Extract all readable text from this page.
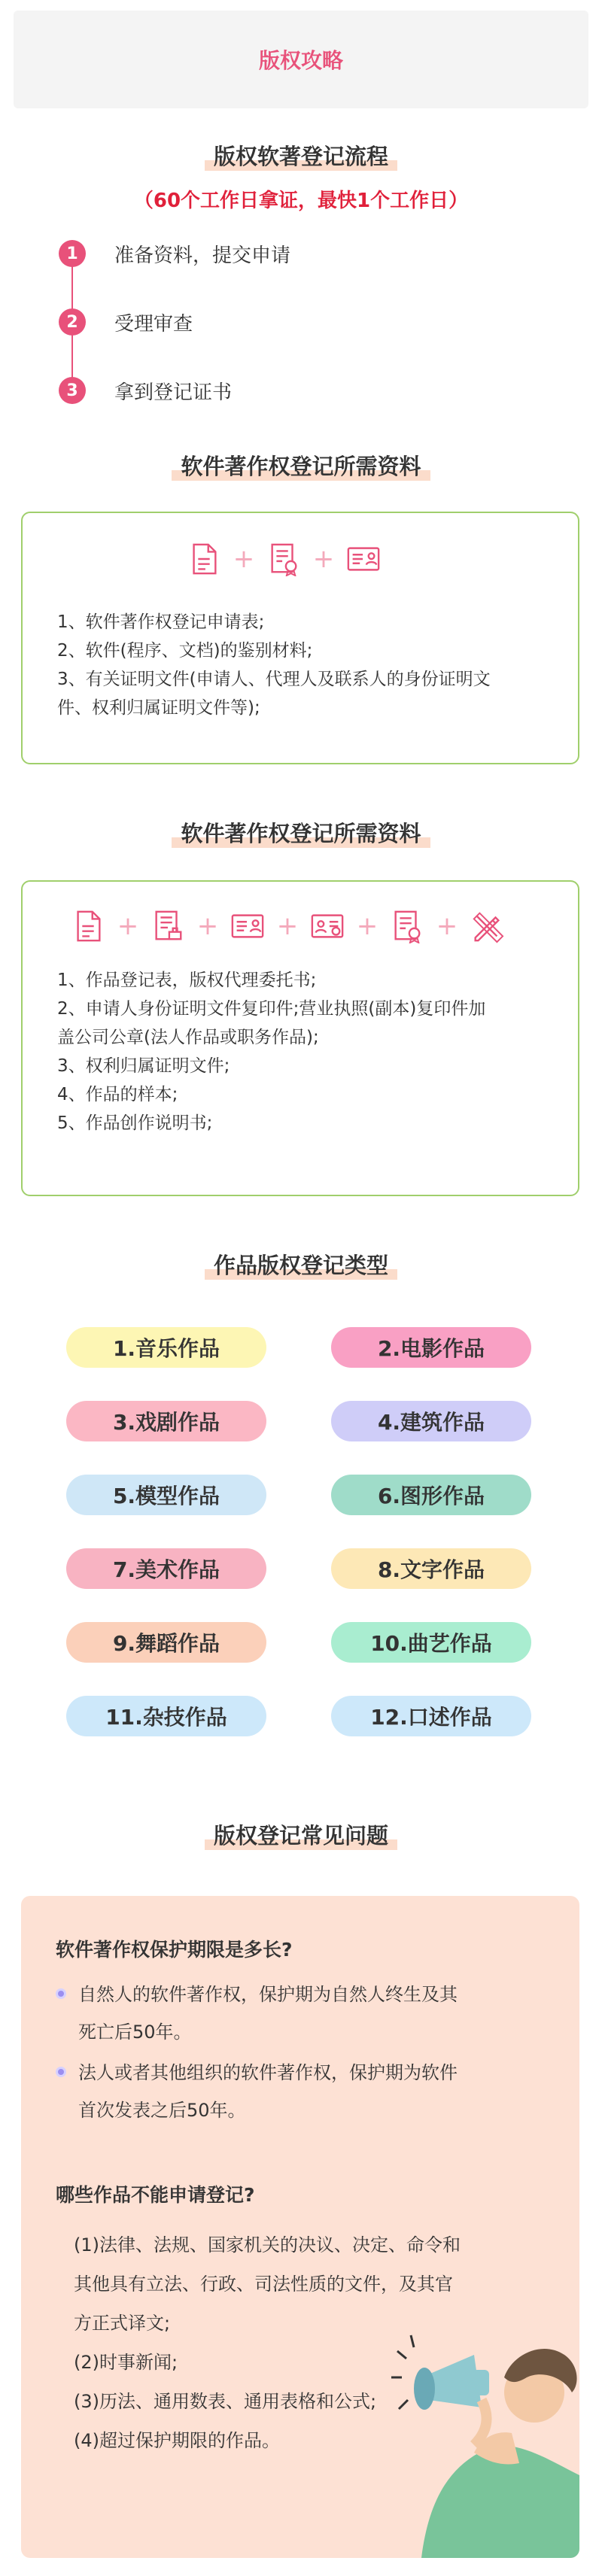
版权攻略
版权软著登记流程
（60个工作日拿证，最快1个工作日）
1	准备资料，提交申请
2	受理审查
3	拿到登记证书
软件著作权登记所需资料
+	+
1、软件著作权登记申请表;
2、软件(程序、文档)的鉴别材料;
3、有关证明文件(申请人、代理人及联系人的身份证明文
件、权利归属证明文件等);
软件著作权登记所需资料
+	+	+	+	+
1、作品登记表，版权代理委托书;
2、申请人身份证明文件复印件;营业执照(副本)复印件加
盖公司公章(法人作品或职务作品);
3、权利归属证明文件;
4、作品的样本;
5、作品创作说明书;
作品版权登记类型
1.音乐作品	2.电影作品
3.戏剧作品	4.建筑作品
5.模型作品	6.图形作品
7.美术作品	8.文字作品
9.舞蹈作品	10.曲艺作品
11.杂技作品	12.口述作品
版权登记常见问题
软件著作权保护期限是多长?
自然人的软件著作权，保护期为自然人终生及其
死亡后50年。
法人或者其他组织的软件著作权，保护期为软件
首次发表之后50年。
哪些作品不能申请登记?
(1)法律、法规、国家机关的决议、决定、命令和
其他具有立法、行政、司法性质的文件，及其官
方正式译文;
(2)时事新闻;
(3)历法、通用数表、通用表格和公式;
(4)超过保护期限的作品。
